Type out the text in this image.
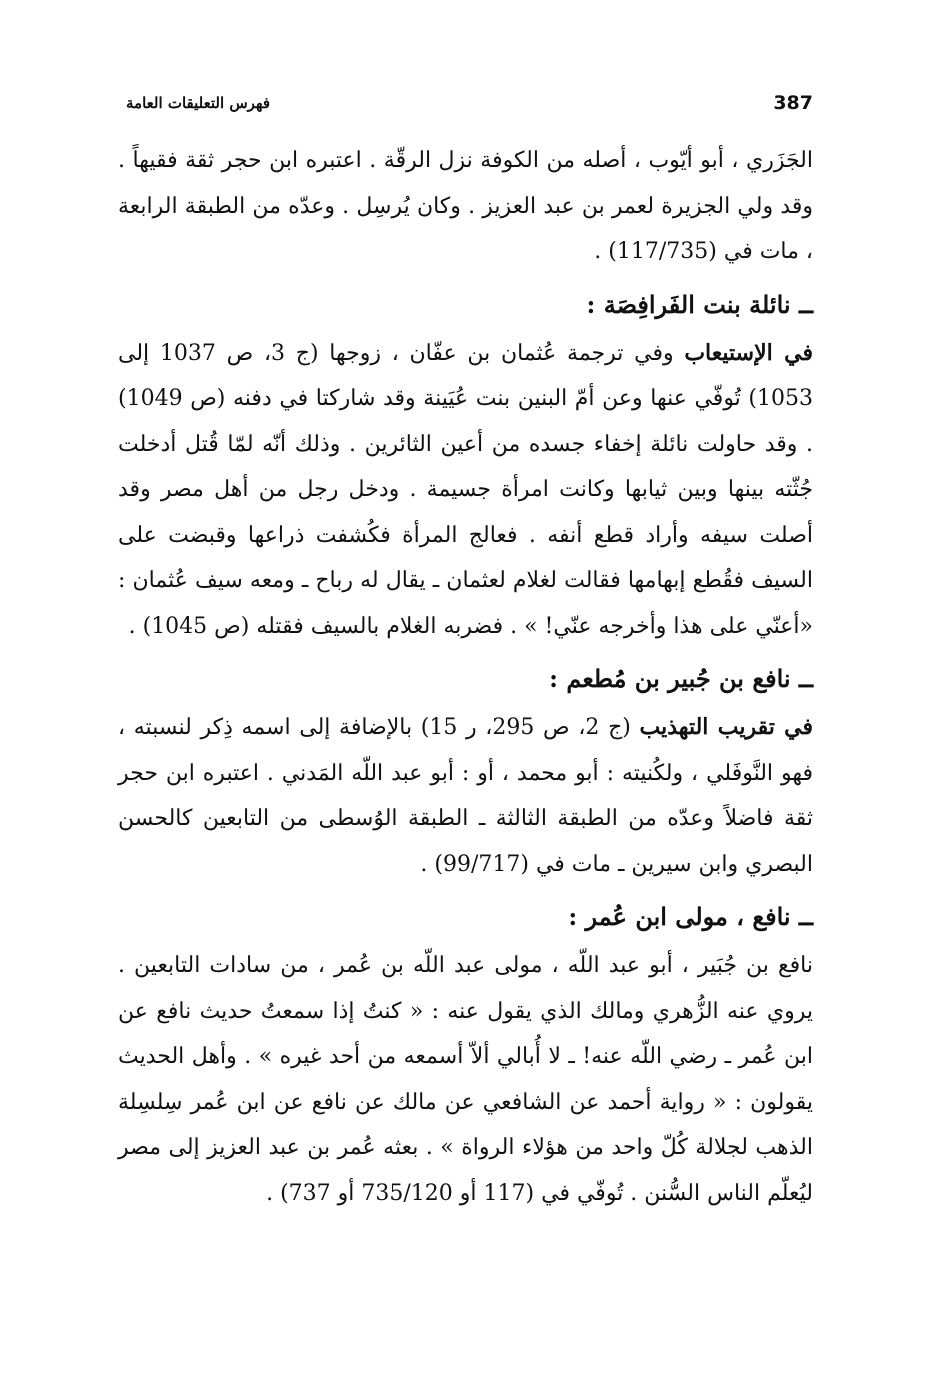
387
فهرس التعليقات العامة

الجَزَري ، أبو أيّوب ، أصله من الكوفة نزل الرقّة . اعتبره ابن حجر ثقة فقيهاً . وقد ولي الجزيرة لعمر بن عبد العزيز . وكان يُرسِل . وعدّه من الطبقة الرابعة ، مات في (117/735) .

ــ نائلة بنت الفَرافِصَة :

في الإستيعاب وفي ترجمة عُثمان بن عفّان ، زوجها (ج 3، ص 1037 إلى 1053) تُوفّي عنها وعن أمّ البنين بنت عُيَينة وقد شاركتا في دفنه (ص 1049) . وقد حاولت نائلة إخفاء جسده من أعين الثائرين . وذلك أنّه لمّا قُتل أدخلت جُثّته بينها وبين ثيابها وكانت امرأة جسيمة . ودخل رجل من أهل مصر وقد أصلت سيفه وأراد قطع أنفه . فعالج المرأة فكُشفت ذراعها وقبضت على السيف فقُطع إبهامها فقالت لغلام لعثمان ـ يقال له رباح ـ ومعه سيف عُثمان : «أعنّي على هذا وأخرجه عنّي! » . فضربه الغلام بالسيف فقتله (ص 1045) .

ــ نافع بن جُبير بن مُطعم :

في تقريب التهذيب (ج 2، ص 295، ر 15) بالإضافة إلى اسمه ذِكر لنسبته ، فهو النَّوفَلي ، ولكُنيته : أبو محمد ، أو : أبو عبد اللّه المَدني . اعتبره ابن حجر ثقة فاضلاً وعدّه من الطبقة الثالثة ـ الطبقة الوُسطى من التابعين كالحسن البصري وابن سيرين ـ مات في (99/717) .

ــ نافع ، مولى ابن عُمر :

نافع بن جُبَير ، أبو عبد اللّه ، مولى عبد اللّه بن عُمر ، من سادات التابعين . يروي عنه الزُّهري ومالك الذي يقول عنه : « كنتُ إذا سمعتُ حديث نافع عن ابن عُمر ـ رضي اللّه عنه! ـ لا أُبالي ألاّ أسمعه من أحد غيره » . وأهل الحديث يقولون : « رواية أحمد عن الشافعي عن مالك عن نافع عن ابن عُمر سِلسِلة الذهب لجلالة كُلّ واحد من هؤلاء الرواة » . بعثه عُمر بن عبد العزيز إلى مصر ليُعلّم الناس السُّنن . تُوفّي في (117 أو 735/120 أو 737) .
